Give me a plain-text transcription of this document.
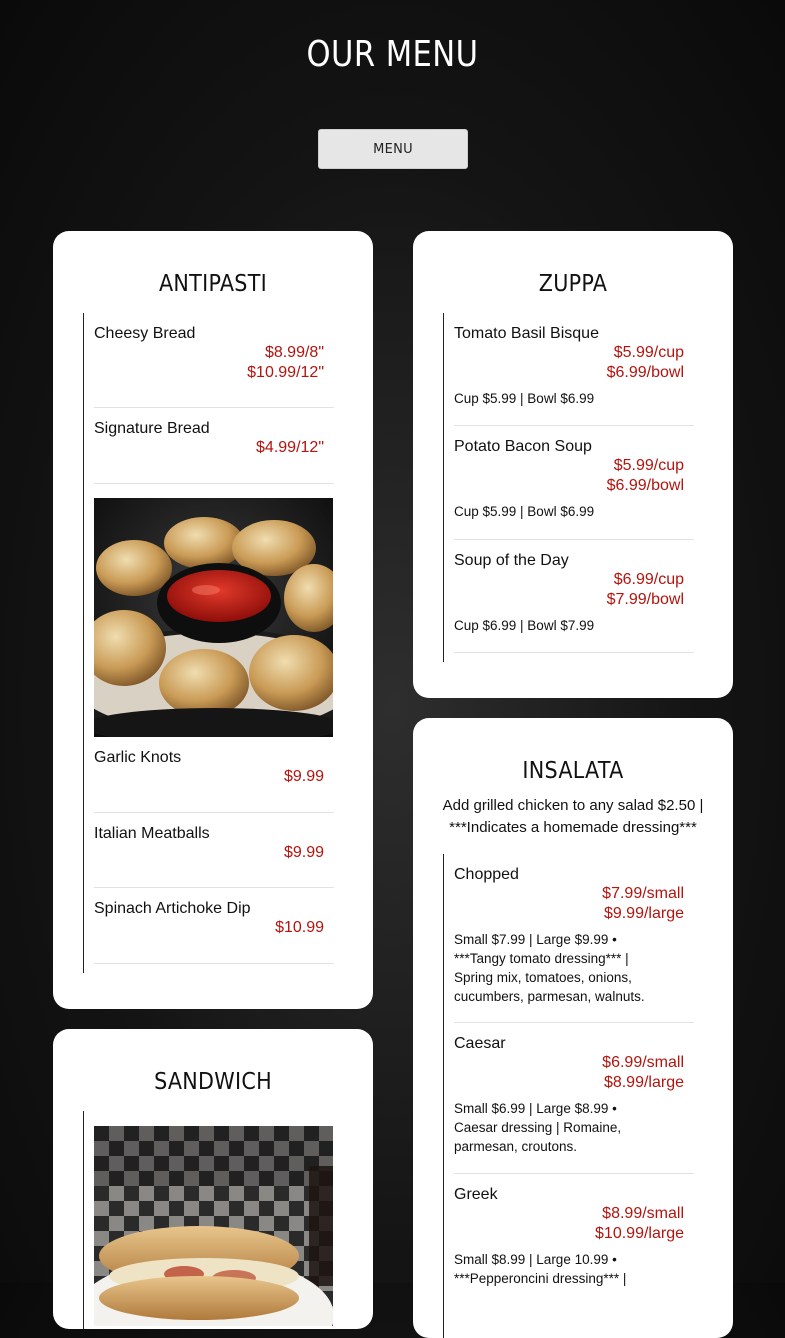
OUR MENU
MENU
ANTIPASTI
Cheesy Bread
$8.99/8"
$10.99/12"
Signature Bread
$4.99/12"
Garlic Knots
$9.99
Italian Meatballs
$9.99
Spinach Artichoke Dip
$10.99
ZUPPA
Tomato Basil Bisque
$5.99/cup
$6.99/bowl
Cup $5.99 | Bowl $6.99
Potato Bacon Soup
$5.99/cup
$6.99/bowl
Cup $5.99 | Bowl $6.99
Soup of the Day
$6.99/cup
$7.99/bowl
Cup $6.99 | Bowl $7.99
INSALATA
Add grilled chicken to any salad $2.50 | ***Indicates a homemade dressing***
Chopped
$7.99/small
$9.99/large
Small $7.99 | Large $9.99 • ***Tangy tomato dressing*** | Spring mix, tomatoes, onions, cucumbers, parmesan, walnuts.
Caesar
$6.99/small
$8.99/large
Small $6.99 | Large $8.99 • Caesar dressing | Romaine, parmesan, croutons.
Greek
$8.99/small
$10.99/large
Small $8.99 | Large 10.99 • ***Pepperoncini dressing*** |
SANDWICH
